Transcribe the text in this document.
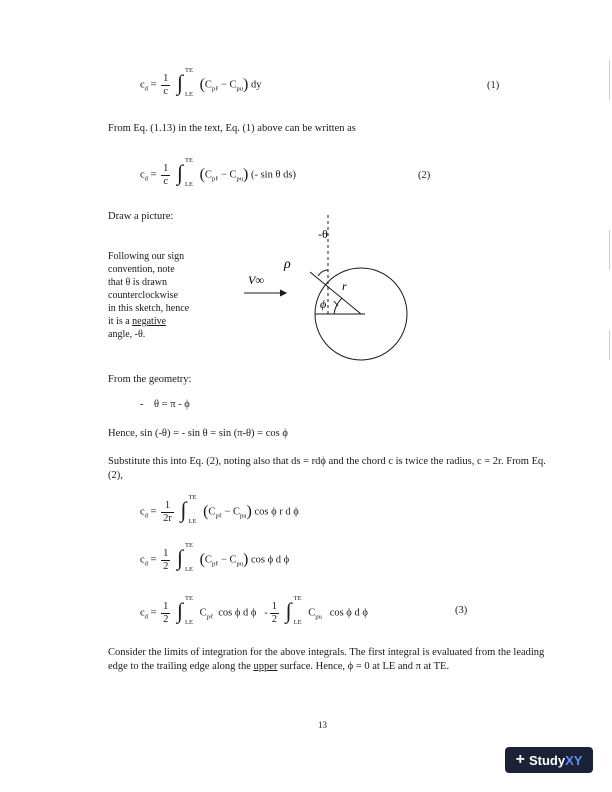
$c_d = \frac{1}{c}$
∫ TE
LE
$(C_{p\ell} - C_{pu})$ dy	(1)
From Eq. (1.13) in the text, Eq. (1) above can be written as
$c_d = \frac{1}{c}$
∫ TE
LE
$(C_{p\ell} - C_{pu})$ (- sin θ ds)	(2)
Draw a picture:
Following our sign
convention, note
that θ is drawn
counterclockwise
in this sketch, hence
it is a negative
angle, -θ.
V∞
-θ
ρ
ϕ
r
From the geometry:
-    θ = π - ϕ
Hence, sin (-θ) = - sin θ = sin (π-θ) = cos ϕ
Substitute this into Eq. (2), noting also that ds = rdϕ and the chord c is twice the radius, c = 2r. From Eq. (2),
$c_d = \frac{1}{2r}$
∫ TE
LE
$(C_{p\ell} - C_{pu})$ cos ϕ r d ϕ
$c_d = \frac{1}{2}$
∫ TE
LE
$(C_{p\ell} - C_{pu})$ cos ϕ d ϕ
$c_d = \frac{1}{2}$
∫ TE
LE
$C_{p\ell}$ cos ϕ d ϕ - $\frac{1}{2}$
∫ TE
LE
$C_{pu}$ cos ϕ d ϕ	(3)
Consider the limits of integration for the above integrals. The first integral is evaluated from the leading edge to the trailing edge along the upper surface. Hence, ϕ = 0 at LE and π at TE.
13
+ Study XY
